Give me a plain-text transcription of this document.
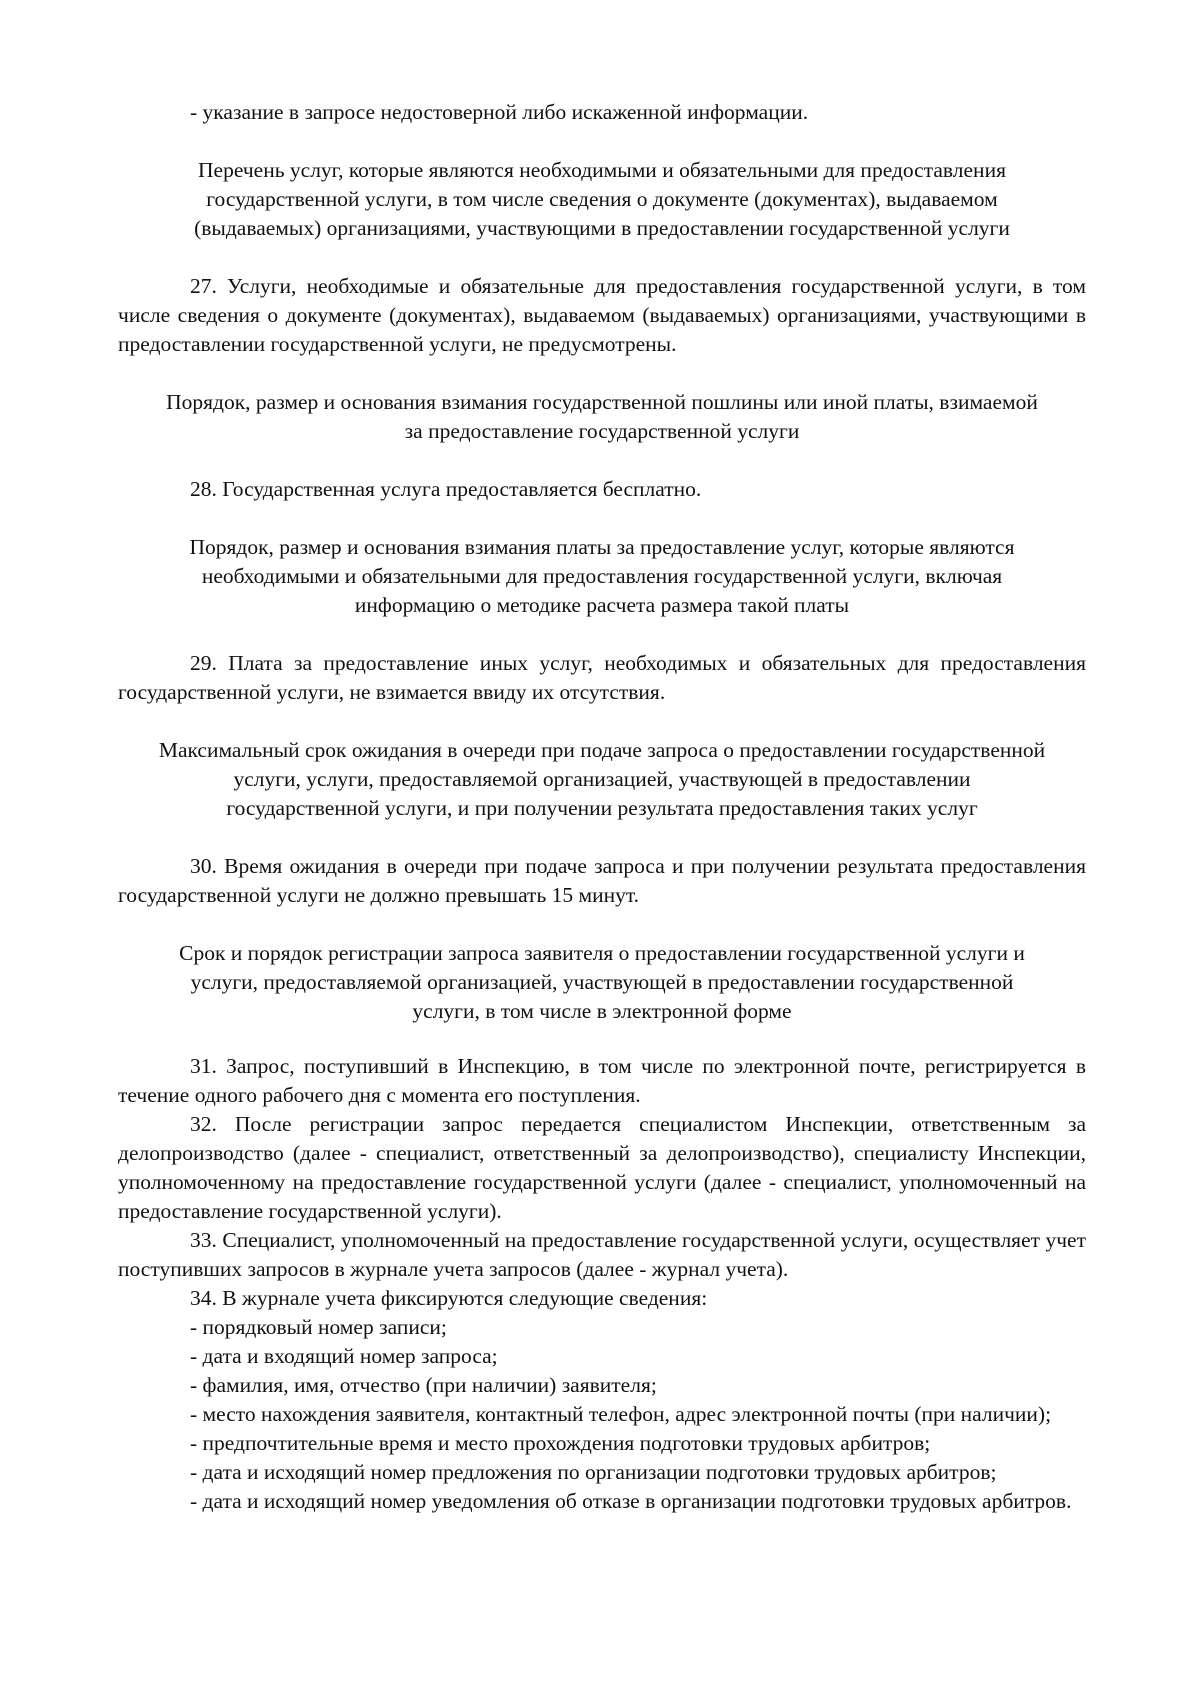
- указание в запросе недостоверной либо искаженной информации.

Перечень услуг, которые являются необходимыми и обязательными для предоставления государственной услуги, в том числе сведения о документе (документах), выдаваемом (выдаваемых) организациями, участвующими в предоставлении государственной услуги

27. Услуги, необходимые и обязательные для предоставления государственной услуги, в том числе сведения о документе (документах), выдаваемом (выдаваемых) организациями, участвующими в предоставлении государственной услуги, не предусмотрены.

Порядок, размер и основания взимания государственной пошлины или иной платы, взимаемой за предоставление государственной услуги

28. Государственная услуга предоставляется бесплатно.

Порядок, размер и основания взимания платы за предоставление услуг, которые являются необходимыми и обязательными для предоставления государственной услуги, включая информацию о методике расчета размера такой платы

29. Плата за предоставление иных услуг, необходимых и обязательных для предоставления государственной услуги, не взимается ввиду их отсутствия.

Максимальный срок ожидания в очереди при подаче запроса о предоставлении государственной услуги, услуги, предоставляемой организацией, участвующей в предоставлении государственной услуги, и при получении результата предоставления таких услуг

30. Время ожидания в очереди при подаче запроса и при получении результата предоставления государственной услуги не должно превышать 15 минут.

Срок и порядок регистрации запроса заявителя о предоставлении государственной услуги и услуги, предоставляемой организацией, участвующей в предоставлении государственной услуги, в том числе в электронной форме

31. Запрос, поступивший в Инспекцию, в том числе по электронной почте, регистрируется в течение одного рабочего дня с момента его поступления.

32. После регистрации запрос передается специалистом Инспекции, ответственным за делопроизводство (далее - специалист, ответственный за делопроизводство), специалисту Инспекции, уполномоченному на предоставление государственной услуги (далее - специалист, уполномоченный на предоставление государственной услуги).

33. Специалист, уполномоченный на предоставление государственной услуги, осуществляет учет поступивших запросов в журнале учета запросов (далее - журнал учета).

34. В журнале учета фиксируются следующие сведения:

- порядковый номер записи;

- дата и входящий номер запроса;

- фамилия, имя, отчество (при наличии) заявителя;

- место нахождения заявителя, контактный телефон, адрес электронной почты (при наличии);

- предпочтительные время и место прохождения подготовки трудовых арбитров;

- дата и исходящий номер предложения по организации подготовки трудовых арбитров;

- дата и исходящий номер уведомления об отказе в организации подготовки трудовых арбитров.
